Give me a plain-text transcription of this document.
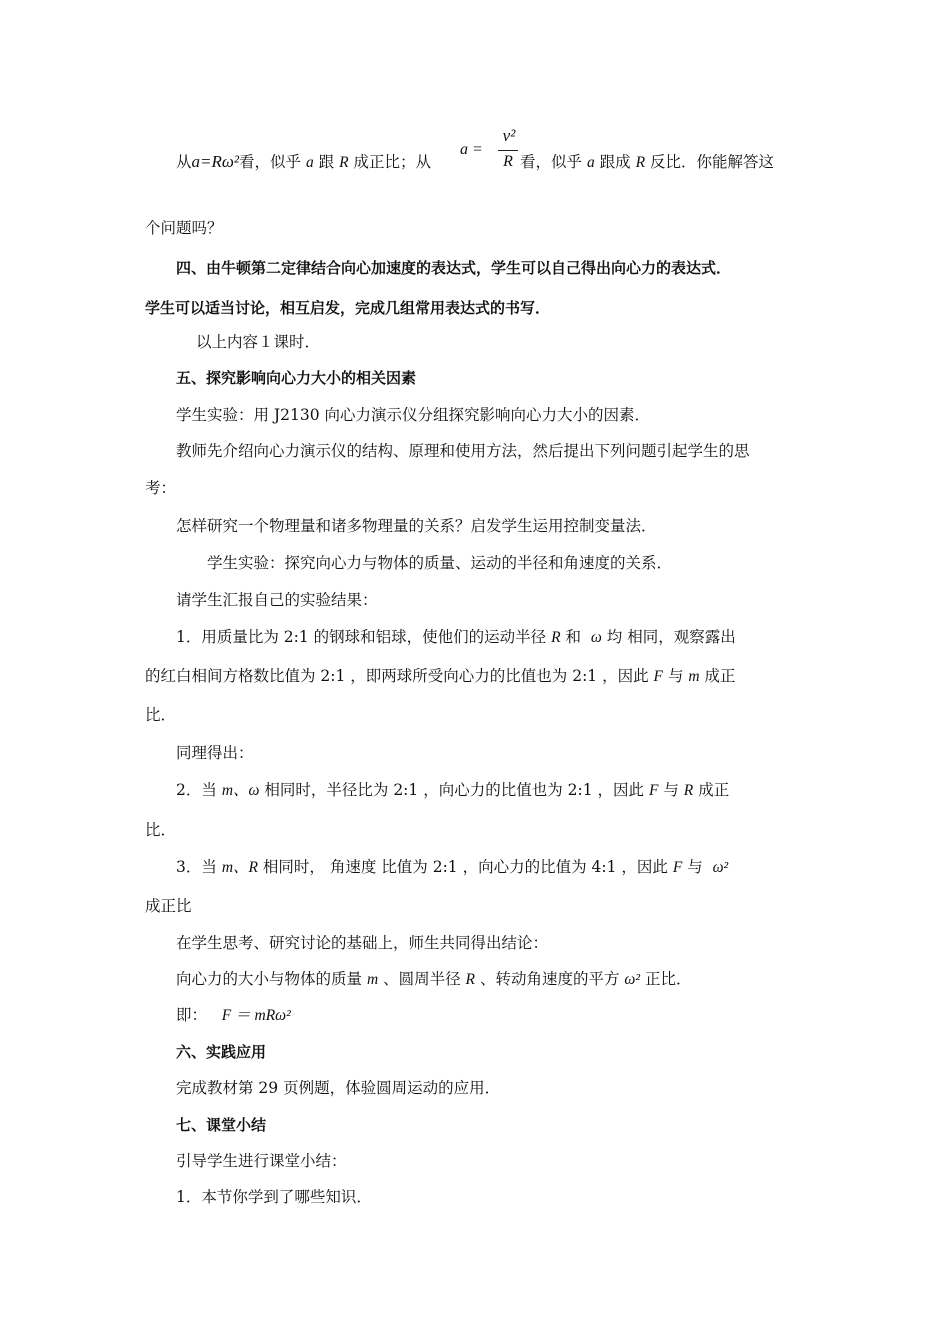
从a=Rω²看，似乎 a 跟 R 成正比；从
a =
v²
R 看，似乎 a 跟成 R 反比．你能解答这
个问题吗？
四、由牛顿第二定律结合向心加速度的表达式，学生可以自己得出向心力的表达式．
学生可以适当讨论，相互启发，完成几组常用表达式的书写．
以上内容１课时．
五、探究影响向心力大小的相关因素
学生实验：用 J2130 向心力演示仪分组探究影响向心力大小的因素．
教师先介绍向心力演示仪的结构、原理和使用方法，然后提出下列问题引起学生的思
考：
怎样研究一个物理量和诸多物理量的关系？启发学生运用控制变量法．
学生实验：探究向心力与物体的质量、运动的半径和角速度的关系．
请学生汇报自己的实验结果：
1．用质量比为 2:1 的钢球和铝球，使他们的运动半径 R 和 ω 均 相同，观察露出
的红白相间方格数比值为 2:1 ，即两球所受向心力的比值也为 2:1 ，因此 F 与 m 成正
比．
同理得出：
2．当 m、ω 相同时，半径比为 2:1 ，向心力的比值也为 2:1 ，因此 F 与 R 成正
比．
3．当 m、R 相同时， 角速度 比值为 2:1 ，向心力的比值为 4:1 ，因此 F 与 ω²
成正比
在学生思考、研究讨论的基础上，师生共同得出结论：
向心力的大小与物体的质量 m 、圆周半径 R 、转动角速度的平方 ω² 正比．
即： F ＝ mRω²
六、实践应用
完成教材第 29 页例题，体验圆周运动的应用．
七、课堂小结
引导学生进行课堂小结：
1．本节你学到了哪些知识．
